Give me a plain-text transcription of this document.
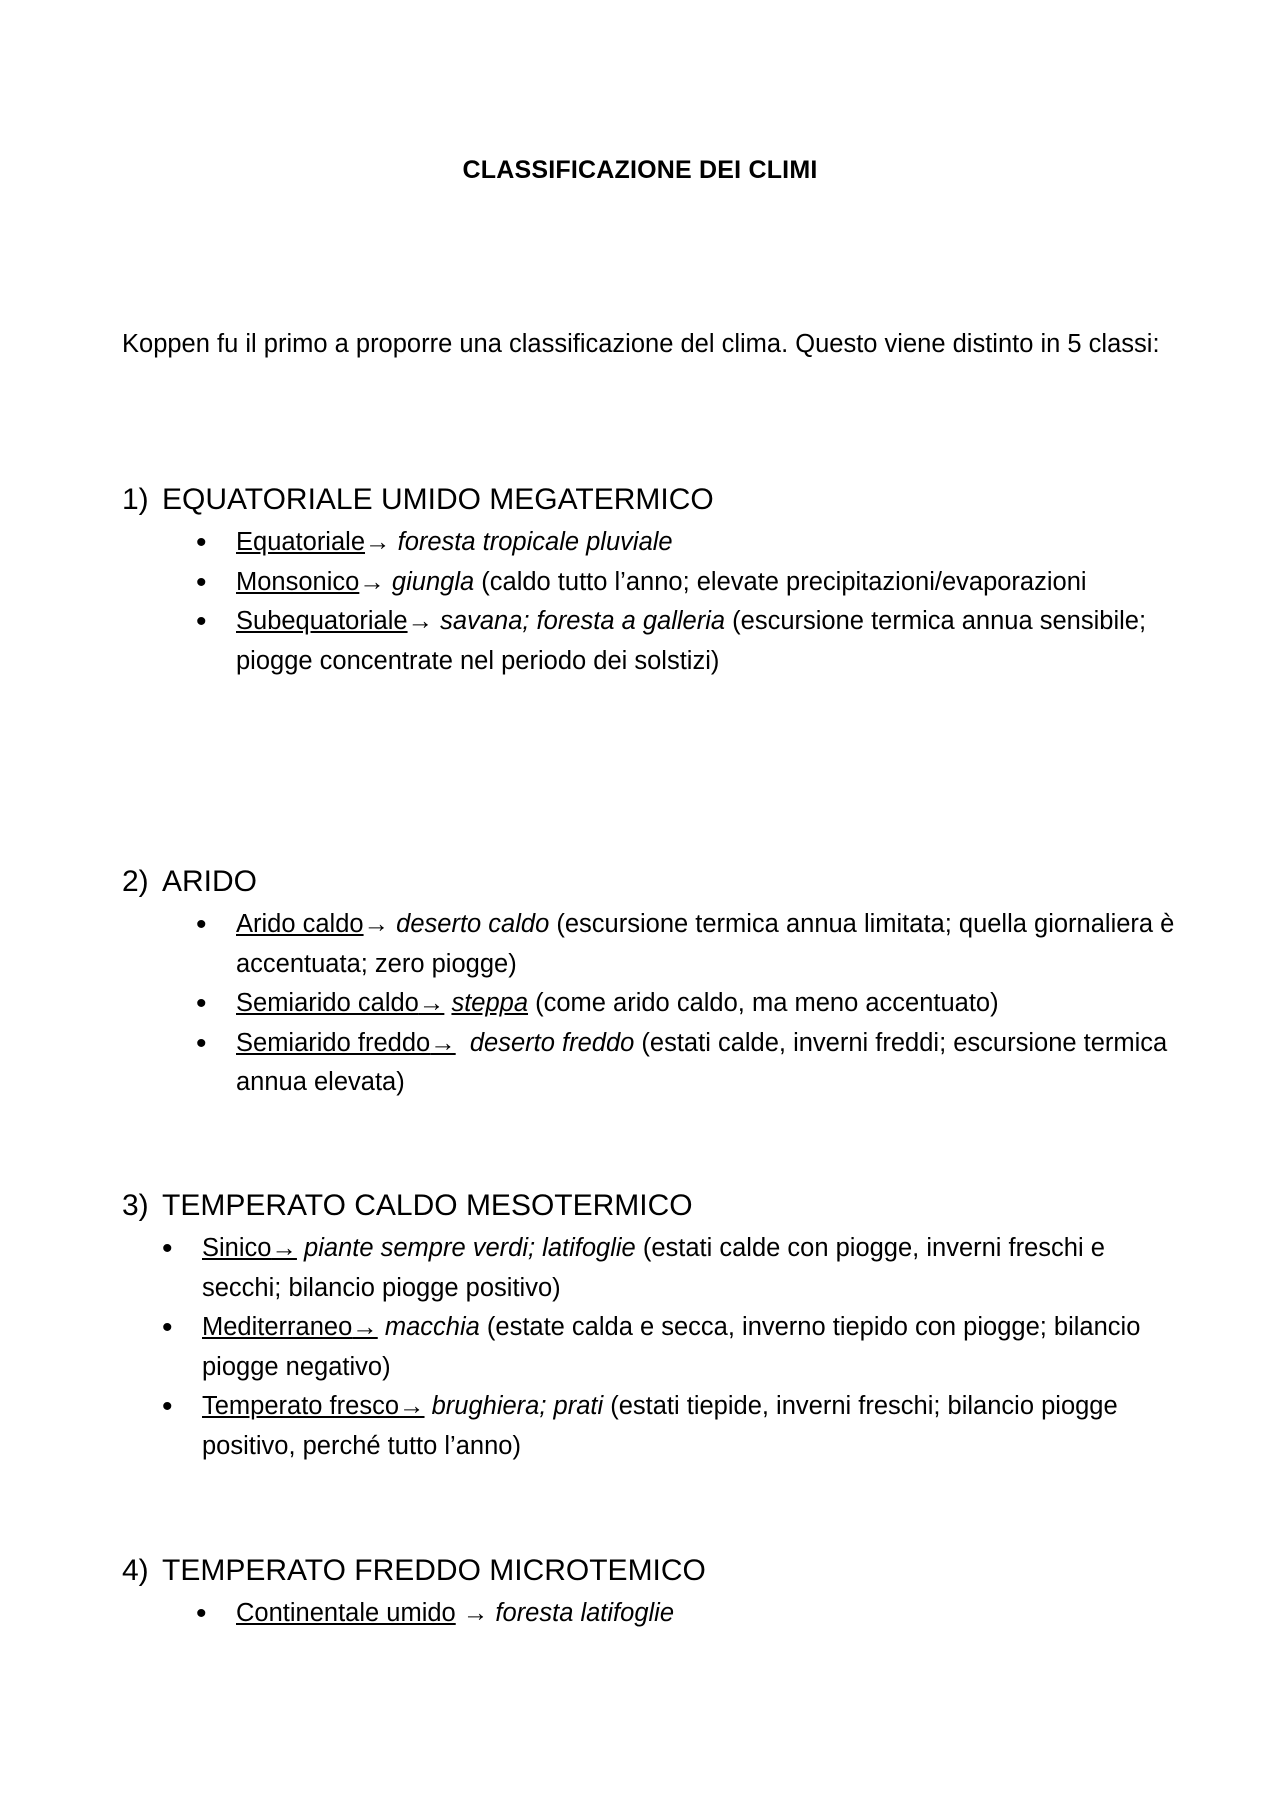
CLASSIFICAZIONE DEI CLIMI
Koppen fu il primo a proporre una classificazione del clima. Questo viene distinto in 5 classi:
1) EQUATORIALE UMIDO MEGATERMICO
• Equatoriale→ foresta tropicale pluviale
• Monsonico→ giungla (caldo tutto l’anno; elevate precipitazioni/evaporazioni
• Subequatoriale→ savana; foresta a galleria (escursione termica annua sensibile; piogge concentrate nel periodo dei solstizi)
2) ARIDO
• Arido caldo→ deserto caldo (escursione termica annua limitata; quella giornaliera è accentuata; zero piogge)
• Semiarido caldo→ steppa (come arido caldo, ma meno accentuato)
• Semiarido freddo→ deserto freddo (estati calde, inverni freddi; escursione termica annua elevata)
3) TEMPERATO CALDO MESOTERMICO
• Sinico→ piante sempre verdi; latifoglie (estati calde con piogge, inverni freschi e secchi; bilancio piogge positivo)
• Mediterraneo→ macchia (estate calda e secca, inverno tiepido con piogge; bilancio piogge negativo)
• Temperato fresco→ brughiera; prati (estati tiepide, inverni freschi; bilancio piogge positivo, perché tutto l’anno)
4) TEMPERATO FREDDO MICROTEMICO
• Continentale umido → foresta latifoglie
